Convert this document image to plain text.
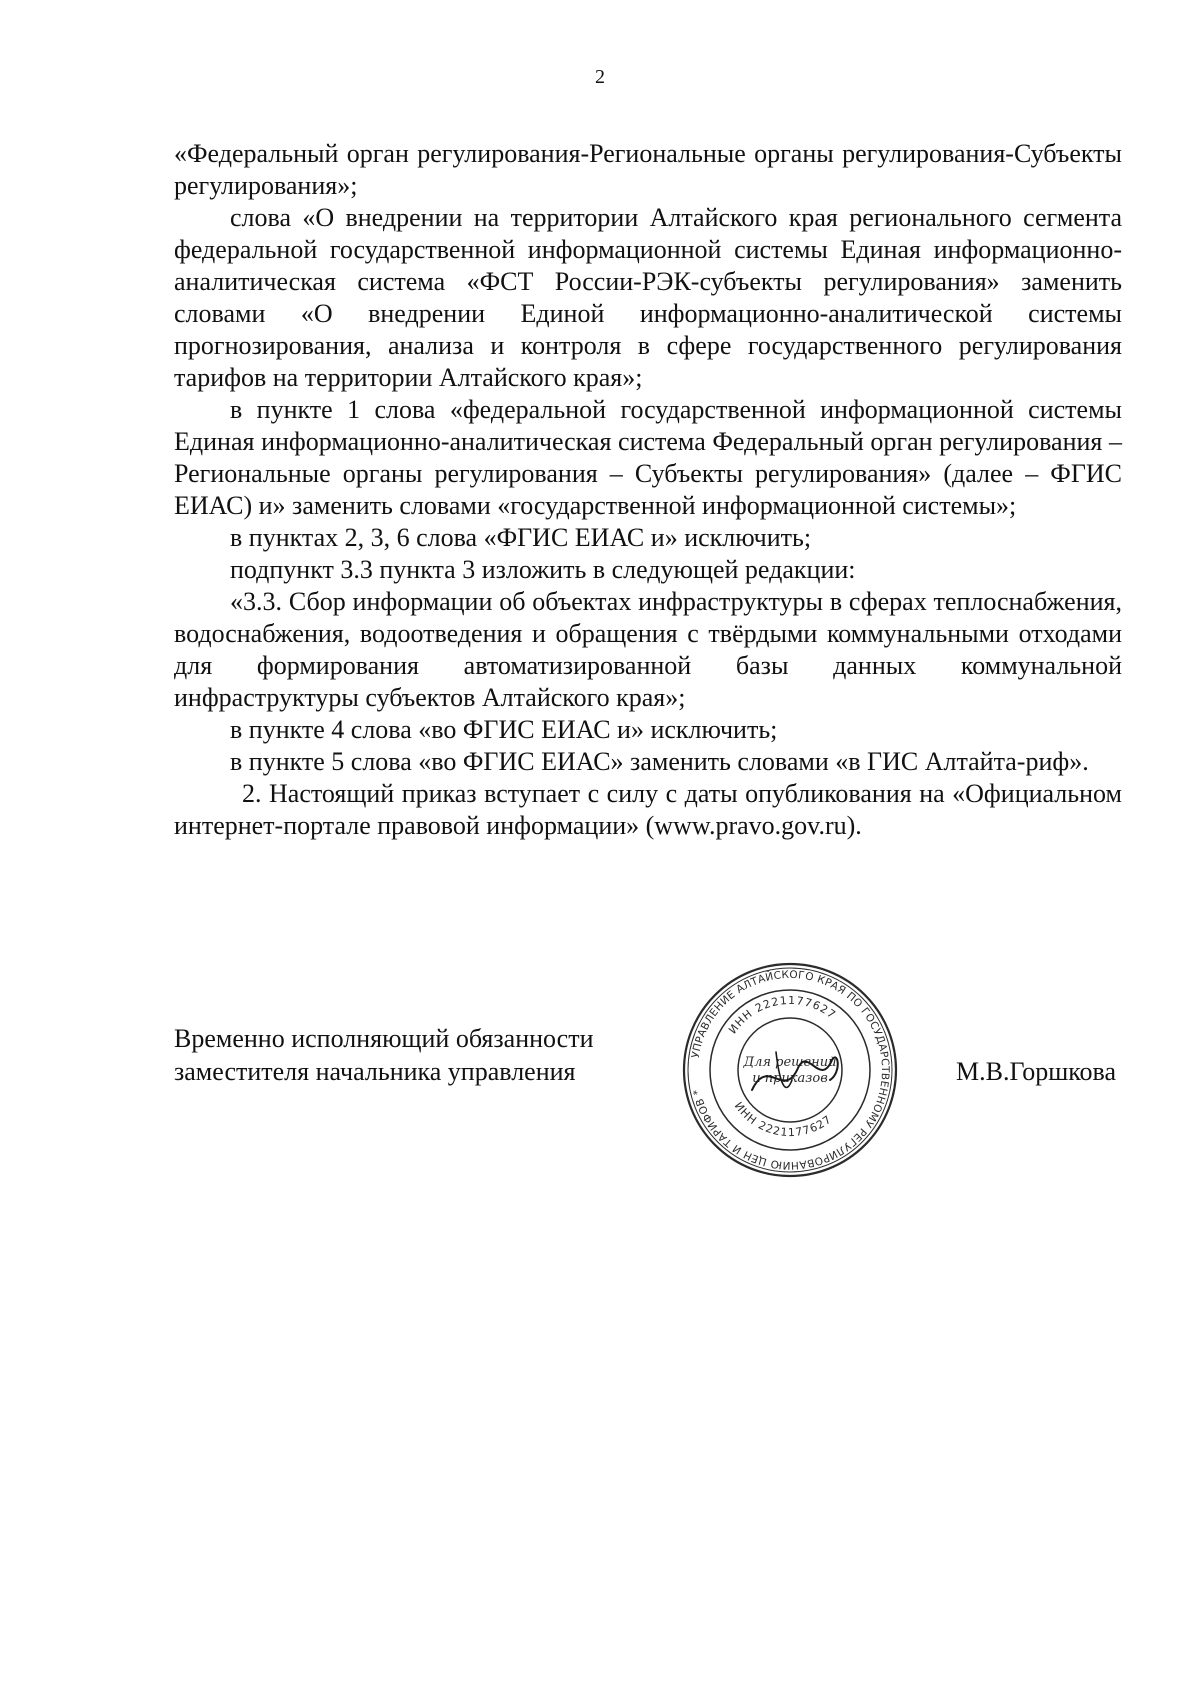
2

«Федеральный орган регулирования-Региональные органы регулирования-Субъекты регулирования»;

слова «О внедрении на территории Алтайского края регионального сегмента федеральной государственной информационной системы Единая информационно-аналитическая система «ФСТ России-РЭК-субъекты регулирования» заменить словами «О внедрении Единой информационно-аналитической системы прогнозирования, анализа и контроля в сфере государственного регулирования тарифов на территории Алтайского края»;

в пункте 1 слова «федеральной государственной информационной системы Единая информационно-аналитическая система Федеральный орган регулирования – Региональные органы регулирования – Субъекты регулирования» (далее – ФГИС ЕИАС) и» заменить словами «государственной информационной системы»;

в пунктах 2, 3, 6 слова «ФГИС ЕИАС и» исключить;

подпункт 3.3 пункта 3 изложить в следующей редакции:

«3.3. Сбор информации об объектах инфраструктуры в сферах теплоснабжения, водоснабжения, водоотведения и обращения с твёрдыми коммунальными отходами для формирования автоматизированной базы данных коммунальной инфраструктуры субъектов Алтайского края»;

в пункте 4 слова «во ФГИС ЕИАС и» исключить;

в пункте 5 слова «во ФГИС ЕИАС» заменить словами «в ГИС Алтайта-риф».

2. Настоящий приказ вступает с силу с даты опубликования на «Официальном интернет-портале правовой информации» (www.pravo.gov.ru).

УПРАВЛЕНИЕ АЛТАЙСКОГО КРАЯ ПО ГОСУДАРСТВЕННОМУ РЕГУЛИРОВАНИЮ ЦЕН И ТАРИФОВ *
ИНН 2221177627
ИНН 2221177627
Для решений
и приказов
Временно исполняющий обязанности
заместителя начальника управления	М.В.Горшкова
